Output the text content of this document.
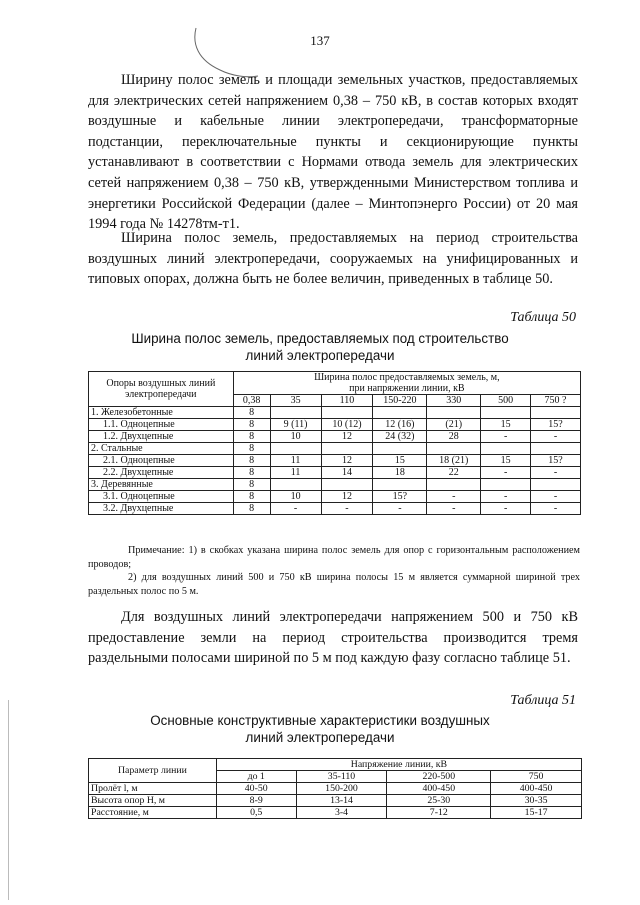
137

Ширину полос земель и площади земельных участков, предоставляемых для электрических сетей напряжением 0,38 – 750 кВ, в состав которых входят воздушные и кабельные линии электропередачи, трансформаторные подстанции, переключательные пункты и секционирующие пункты устанавливают в соответствии с Нормами отвода земель для электрических сетей напряжением 0,38 – 750 кВ, утвержденными Министерством топлива и энергетики Российской Федерации (далее – Минтопэнерго России) от 20 мая 1994 года № 14278тм-т1.

Ширина полос земель, предоставляемых на период строительства воздушных линий электропередачи, сооружаемых на унифицированных и типовых опорах, должна быть не более величин, приведенных в таблице 50.

Таблица 50

Ширина полос земель, предоставляемых под строительство
линий электропередачи

Опоры воздушных линий электропередачи	Ширина полос предоставляемых земель, м,
при напряжении линии, кВ						
	0,38	35	110	150-220	330	500	750 ?
1. Железобетонные	8						
1.1. Одноцепные	8	9 (11)	10 (12)	12 (16)	(21)	15	15?
1.2. Двухцепные	8	10	12	24 (32)	28	-	-
2. Стальные	8						
2.1. Одноцепные	8	11	12	15	18 (21)	15	15?
2.2. Двухцепные	8	11	14	18	22	-	-
3. Деревянные	8						
3.1. Одноцепные	8	10	12	15?	-	-	-
3.2. Двухцепные	8	-	-	-	-	-	-
Примечание: 1) в скобках указана ширина полос земель для опор с горизонтальным расположением проводов;
2) для воздушных линий 500 и 750 кВ ширина полосы 15 м является суммарной шириной трех раздельных полос по 5 м.

Для воздушных линий электропередачи напряжением 500 и 750 кВ предоставление земли на период строительства производится тремя раздельными полосами шириной по 5 м под каждую фазу согласно таблице 51.

Таблица 51

Основные конструктивные характеристики воздушных
линий электропередачи

Параметр линии	Напряжение линии, кВ			
	до 1	35-110	220-500	750
Пролёт l, м	40-50	150-200	400-450	400-450
Высота опор H, м	8-9	13-14	25-30	30-35
Расстояние, м	0,5	3-4	7-12	15-17
